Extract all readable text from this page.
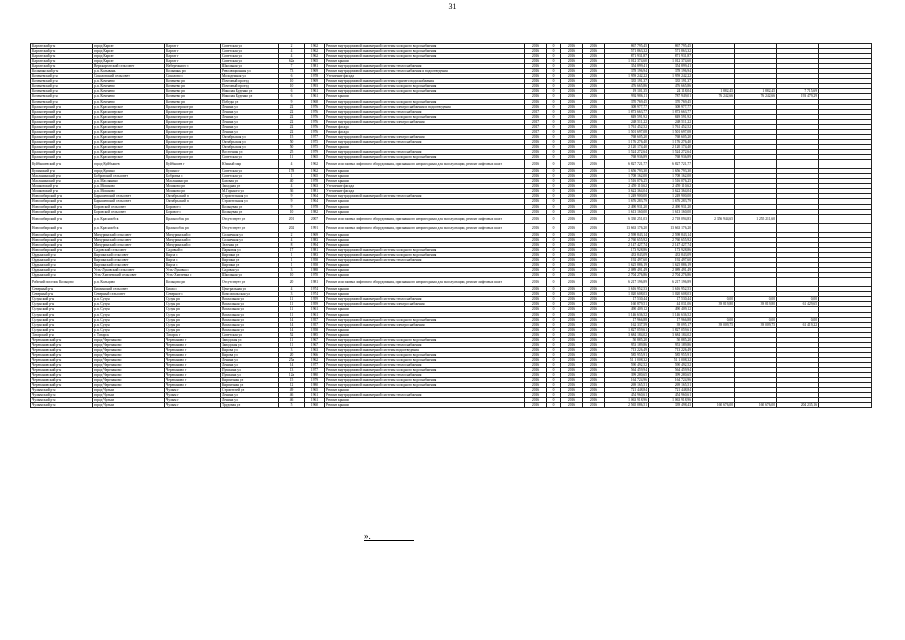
31
Каргатский р-н	город Каргат	Каргат г	Советская ул	2	1962	Ремонт внутридомовой инженерной системы холодного водоснабжения	2016	0	2016	2016	867 795,45	867 795,45				
Каргатский р-н	город Каргат	Каргат г	Советская ул	4	1962	Ремонт внутридомовой инженерной системы холодного водоснабжения	2016	0	2016	2016	571 863,32	571 863,32				
Каргатский р-н	город Каргат	Каргат г	Советская ул	4	1962	Ремонт внутридомовой инженерной системы холодного водоснабжения	2016	0	2016	2016	871 931,87	871 931,87				
Каргатский р-н	город Каргат	Каргат г	Советская ул	62а	1965	Ремонт крыши	2016	0	2016	2016	1 012 374,60	1 012 374,60				
Каргатский р-н	Верхкаргатский сельсовет	Набережного с	Школьная ул	7	1981	Ремонт внутридомовой инженерной системы теплоснабжения	2016	0	2016	2016	354 899,41	354 899,41				
Колыванский р-н	р.п. Колывань	Колывань рп	Революционная ул	73	1969	Ремонт внутридомовой инженерной системы теплоснабжения и водоотведения	2016	0	2016	2016	378 196,94	378 196,94				
Коченевский р-н	Соколовский сельсовет	Соколово с	Молодежная ул	6	1978	Утепление фасада	2016	0	2016	2016	1 959 242,22	1 959 242,22				
Коченевский р-н	р.п. Коченево	Коченево рп	Почтовый проезд	10	1969	Ремонт внутридомовой инженерной системы горячего водоснабжения	2016	0	2016	2016	335 191,37	335 191,37				
Коченевский р-н	р.п. Коченево	Коченево рп	Почтовый проезд	10	1993	Ремонт внутридомовой инженерной системы холодного водоснабжения	2016	0	2016	2016	476 665,86	476 665,86				
Коченевский р-н	р.п. Коченево	Коченево рп	Николая Буденко ул	6	1961	Ремонт внутридомовой инженерной системы холодного водоснабжения	2016	0	2016	2016	19 101,35	24 118,04	1 882,45	1 882,45	7 715,69	
Коченевский р-н	р.п. Коченево	Коченево рп	Николая Буденко ул	6	1961	Ремонт крыши	2016	0	2016	2016	992 986,11	787 949,01	76 242,66	76 242,66	193 479,29	
Коченевский р-н	р.п. Коченево	Коченево рп	Победы ул	9	1968	Ремонт внутридомовой инженерной системы холодного водоснабжения	2016	0	2016	2016	370 769,45	370 769,45				
Краснозерский р-н	р.п. Краснозерское	Краснозерское рп	Ленина ул	22	1976	Ремонт внутридомовой инженерной системы электроснабжения и водоотведения	2016	0	2016	2016	308 977,77	308 977,77				
Краснозерский р-н	р.п. Краснозерское	Краснозерское рп	Ленина ул	22	1976	Ремонт внутридомовой инженерной системы теплоснабжения	2017	0	2016	2016	1 873 663,77	1 873 663,77				
Краснозерский р-н	р.п. Краснозерское	Краснозерское рп	Ленина ул	22	1976	Ремонт внутридомовой инженерной системы холодного водоснабжения	2016	0	2016	2016	849 591,92	849 591,92				
Краснозерский р-н	р.п. Краснозерское	Краснозерское рп	Ленина ул	22	1976	Ремонт внутридомовой инженерной системы электроснабжения	2017	0	2016	2016	248 511,22	248 511,22				
Краснозерский р-н	р.п. Краснозерское	Краснозерское рп	Ленина ул	22	1976	Ремонт фасада	2017	0	2016	2016	1 761 452,52	1 761 452,52				
Краснозерский р-н	р.п. Краснозерское	Краснозерское рп	Ленина ул	22	1976	Ремонт фасада	2017	0	2016	2016	1 501 697,08	1 501 697,08				
Краснозерский р-н	р.п. Краснозерское	Краснозерское рп	Октябрьская ул	15	1977	Ремонт внутридомовой инженерной системы электроснабжения	2016	0	2016	2016	768 605,20	768 605,20				
Краснозерский р-н	р.п. Краснозерское	Краснозерское рп	Октябрьская ул	50	1975	Ремонт внутридомовой инженерной системы теплоснабжения	2016	0	2016	2016	1 176 276,40	1 176 276,40				
Краснозерский р-н	р.п. Краснозерское	Краснозерское рп	Октябрьская ул	50	1975	Ремонт крыши	2016	0	2016	2016	2 120 174,40	2 120 174,40				
Краснозерский р-н	р.п. Краснозерское	Краснозерское рп	Восточная ул	25	1979	Ремонт внутридомовой инженерной системы теплоснабжения	2016	0	2016	2016	1 524 272,64	1 524 272,64				
Краснозерский р-н	р.п. Краснозерское	Краснозерское рп	Советская ул	11	1965	Ремонт внутридомовой инженерной системы холодного водоснабжения	2016	0	2016	2016	768 936,89	768 936,89				
Куйбышевский р-н	город Куйбышев	Куйбышев г	Южный мкр	4	1962	Ремонт или замена лифтового оборудования, признанного непригодным для эксплуатации, ремонт лифтовых шахт	2016	0	2016	2016	6 827 721,77	6 827 721,77				
Купинский р-н	город Купино	Купино г	Советская ул	178	1962	Ремонт крыши	2016	0	2016	2016	1 656 793,30	1 656 793,30				
Маслянинский р-н	Бобровский сельсовет	Бобровка с	Советская ул	1	1965	Ремонт крыши	2016	0	2016	2016	1 708 162,00	1 708 162,00				
Маслянинский р-н	р.п. Маслянино	Маслянино рп	Базовая ул	40	1978	Ремонт крыши	2016	0	2016	2016	1 516 076,25	1 516 076,25				
Мошковский р-н	р.п. Мошково	Мошково рп	Западная ул	4	1963	Утепление фасада	2016	0	2016	2016	2 459 110,62	2 459 110,62				
Мошковский р-н	р.п. Мошково	Мошково рп	М.Горького ул	36	1981	Утепление фасада	2016	0	2016	2016	3 622 364,04	3 622 364,04				
Новосибирский р-н	Барышевский сельсовет	Октябрьский п	Строительная ул	9	1964	Ремонт внутридомовой инженерной системы теплоснабжения	2016	0	2016	2016	1 249 900,00	1 249 900,00				
Новосибирский р-н	Барышевский сельсовет	Октябрьский п	Строительная ул	9	1964	Ремонт крыши	2016	0	2016	2016	1 676 283,79	1 676 283,79				
Новосибирский р-н	Боровской сельсовет	Боровое с	Кольцевая ул	9	1978	Ремонт крыши	2016	0	2016	2016	2 490 931,20	2 490 931,20				
Новосибирский р-н	Боровской сельсовет	Боровое с	Кольцевая ул	10	1982	Ремонт крыши	2016	0	2016	2016	1 613 160,00	1 613 160,00				
Новосибирский р-н	р.п. Краснообск	Краснообск рп	Отсутствует ул	201	2007	Ремонт или замена лифтового оборудования, признанного непригодным для эксплуатации, ремонт лифтовых шахт	2016	0	2016	2016	6 330 251,03	2 718 094,83	2 356 944,65	1 255 211,60		
Новосибирский р-н	р.п. Краснообск	Краснообск рп	Отсутствует ул	202	1991	Ремонт или замена лифтового оборудования, признанного непригодным для эксплуатации, ремонт лифтовых шахт	2016	0	2016	2016	13 663 176,20	13 663 176,20				
Новосибирский р-н	Мичуринский сельсовет	Мичуринский п	Солнечная ул	2	1969	Ремонт крыши	2016	0	2016	2016	2 598 843,14	2 598 843,14				
Новосибирский р-н	Мичуринский сельсовет	Мичуринский п	Солнечная ул	4	1983	Ремонт крыши	2016	0	2016	2016	2 760 655,92	2 760 655,92				
Новосибирский р-н	Мичуринский сельсовет	Мичуринский п	Зеленая ул	8	1994	Ремонт крыши	2016	0	2016	2016	2 147 427,74	2 147 427,74				
Новосибирский р-н	Садовский сельсовет	Садовый п	Парковая ул	17	1981	Ремонт внутридомовой инженерной системы холодного водоснабжения	2016	0	2016	2016	173 928,86	173 928,86				
Ордынский р-н	Кирзинский сельсовет	Кирза с	Кирзина ул	1	1983	Ремонт внутридомовой инженерной системы холодного водоснабжения	2016	0	2016	2016	433 843,09	433 843,09				
Ордынский р-н	Кирзинский сельсовет	Кирза с	Кирзина ул	1	1958	Ремонт внутридомовой инженерной системы теплоснабжения	2016	0	2016	2016	192 497,60	192 497,60				
Ордынский р-н	Кирзинский сельсовет	Кирза с	Кирзина ул	1	1958	Ремонт крыши	2016	0	2016	2016	1 625 886,19	1 625 886,19				
Ордынский р-н	Усть-Луковский сельсовет	Усть-Луковка с	Садовая ул	3	1988	Ремонт крыши	2016	0	2016	2016	2 089 491,49	2 089 491,49				
Ордынский р-н	Усть-Хмелевский сельсовет	Усть-Хмелевка с	Школьная ул	10	1970	Ремонт крыши	2016	0	2016	2016	2 704 276,86	2 704 276,86				
Рабочий поселок Кольцово	р.п. Кольцово	Кольцово рп	Отсутствует ул	20	1981	Ремонт или замена лифтового оборудования, признанного непригодным для эксплуатации, ремонт лифтовых шахт	2016	0	2016	2016	6 217 196,89	6 217 196,89				
Северный р-н	Биазинский сельсовет	Биаза с	Центральная ул	4	1974	Ремонт крыши	2016	0	2016	2016	1 616 952,53	1 616 952,53				
Северный р-н	Северный сельсовет	Северное с	Комсомольская ул	3	1974	Ремонт крыши	2016	0	2016	2016	1 020 608,03	1 020 608,03				
Сузунский р-н	р.п. Сузун	Сузун рп	Вокзальная ул	11	1959	Ремонт внутридомовой инженерной системы теплоснабжения	2016	0	2016	2016	17 530,44	17 530,44	0,00	0,00	0,00	
Сузунский р-н	р.п. Сузун	Сузун рп	Вокзальная ул	11	1959	Ремонт внутридомовой инженерной системы электроснабжения	2016	0	2016	2016	160 879,51	44 031,06	39 819,80	39 819,80	61 429,65	
Сузунский р-н	р.п. Сузун	Сузун рп	Вокзальная ул	11	1961	Ремонт крыши	2016	0	2016	2016	490 409,12	490 409,12				
Сузунский р-н	р.п. Сузун	Сузун рп	Вокзальная ул	11	1961	Ремонт крыши	2016	0	2016	2016	1 146 636,52	1 146 636,52				
Сузунский р-н	р.п. Сузун	Сузун рп	Вокзальная ул	14	1957	Ремонт внутридомовой инженерной системы холодного водоснабжения	2016	0	2016	2016	17 966,88	17 966,88	0,00	0,00	0,00	
Сузунский р-н	р.п. Сузун	Сузун рп	Вокзальная ул	14	1957	Ремонт внутридомовой инженерной системы электроснабжения	2016	0	2016	2016	162 337,59	39 095,17	39 009,75	39 009,75	61 419,22	
Сузунский р-н	р.п. Сузун	Сузун рп	Вокзальная ул	14	1958	Ремонт крыши	2016	0	2016	2016	1 827 059,61	1 827 059,61				
Татарский р-н	г. Татарск	Татарск г	Советская ул	52	1985	Ремонт крыши	2016	0	2016	2016	3 684 184,02	3 684 184,02				
Черепановский р-н	город Черепаново	Черепаново г	Заводская ул	11	1967	Ремонт внутридомовой инженерной системы холодного водоснабжения	2016	0	2016	2016	50 885,20	50 885,20				
Черепановский р-н	город Черепаново	Черепаново г	Заводская ул	11	1967	Ремонт внутридомовой инженерной системы теплоснабжения	2016	0	2016	2016	953 189,86	953 189,86				
Черепановский р-н	город Черепаново	Черепаново г	Кирова ул	3	1963	Ремонт внутридомовой инженерной системы водоотведения	2016	0	2016	2016	713 226,49	713 226,49				
Черепановский р-н	город Черепаново	Черепаново г	Кирова ул	20	1966	Ремонт внутридомовой инженерной системы холодного водоснабжения	2016	0	2016	2016	585 955,91	585 955,91				
Черепановский р-н	город Черепаново	Черепаново г	Ленина ул	25а	1962	Ремонт внутридомовой инженерной системы холодного водоснабжения	2016	0	2016	2016	51 1 008,32	51 1 008,32				
Черепановский р-н	город Черепаново	Черепаново г	Ленина ул	14	1977	Ремонт внутридомовой инженерной системы теплоснабжения	2016	0	2016	2016	590 492,52	590 492,52				
Черепановский р-н	город Черепаново	Черепаново г	Пушкина ул	13	1977	Ремонт внутридомовой инженерной системы холодного водоснабжения	2016	0	2016	2016	564 459,94	564 459,94				
Черепановский р-н	город Черепаново	Черепаново г	Пушкина ул	12а	1980	Ремонт внутридомовой инженерной системы теплоснабжения	2016	0	2016	2016	399 280,65	399 280,65				
Черепановский р-н	город Черепаново	Черепаново г	Кирпичная ул	15	1979	Ремонт внутридомовой инженерной системы холодного водоснабжения	2016	0	2016	2016	164 724,96	164 724,96				
Черепановский р-н	город Черепаново	Черепаново г	Кирпичная ул	12	1980	Ремонт внутридомовой инженерной системы холодного водоснабжения	2016	0	2016	2016	269 165,51	269 165,51				
Чулымский р-н	город Чулым	Чулым г	Строителей ул	49	1965	Ремонт крыши	2016	0	2016	2016	721 448,84	721 448,84				
Чулымский р-н	город Чулым	Чулым г	Ленина ул	46	1961	Ремонт внутридомовой инженерной системы теплоснабжения	2016	0	2016	2016	454 960,61	454 960,61				
Чулымский р-н	город Чулым	Чулым г	Ленина ул	46	1961	Ремонт крыши	2016	0	2016	2016	1 063 918,96	1 063 918,96				
Чулымский р-н	город Чулым	Чулым г	Трудовая ул	5	1960	Ремонт крыши	2016	0	2016	2016	2 565 086,51	339 498,43	160 676,00	160 676,00	204 235,16	
».
